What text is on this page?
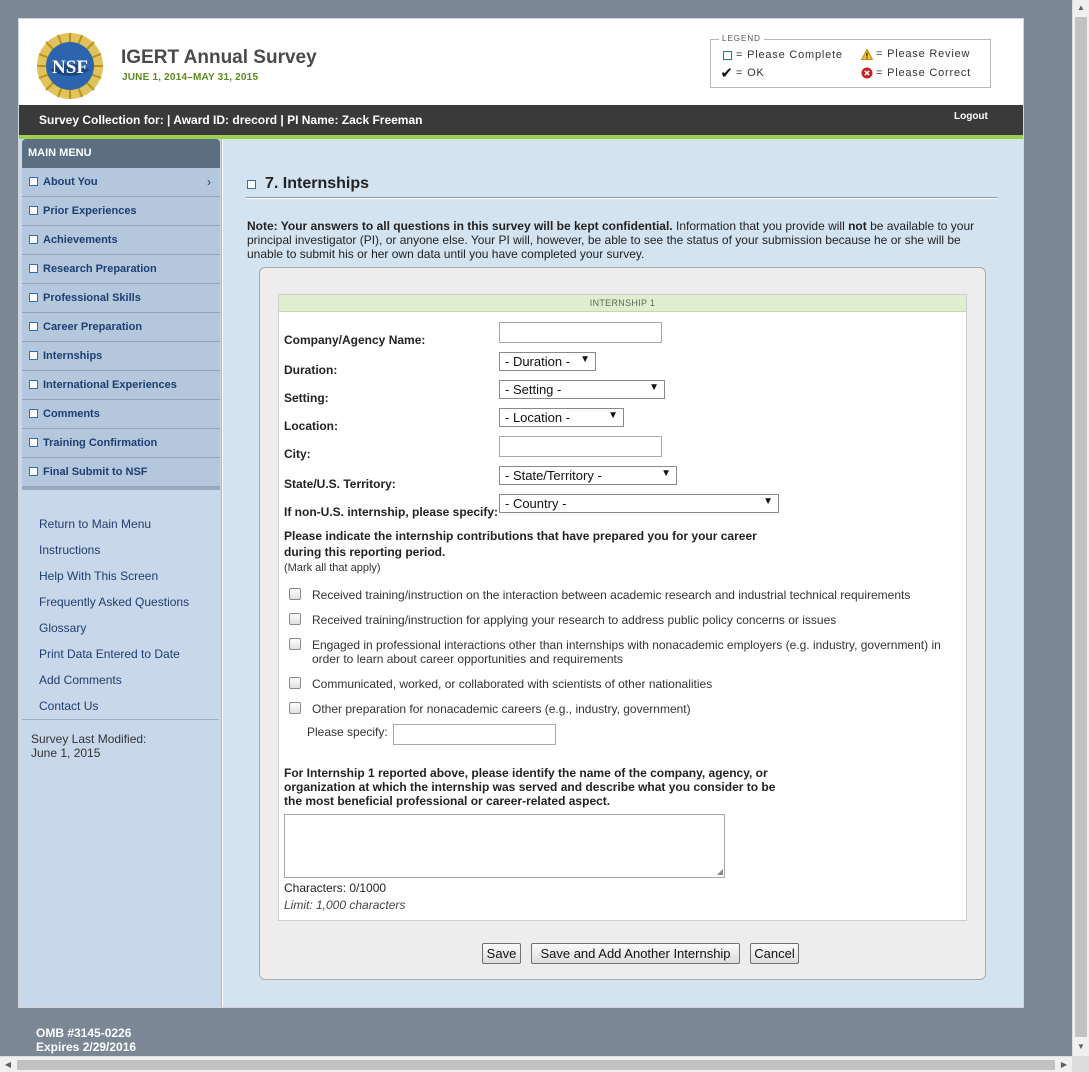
▲
▼
◀	▶
NSF IGERT Annual Survey
JUNE 1, 2014–MAY 31, 2015
LEGEND
= Please Complete
✔ = OK
= Please Review
= Please Correct
Survey Collection for: | Award ID: drecord | PI Name: Zack Freeman	Logout
MAIN MENU
About You	›
Prior Experiences
Achievements
Research Preparation
Professional Skills
Career Preparation
Internships
International Experiences
Comments
Training Confirmation
Final Submit to NSF
Return to Main Menu
Instructions
Help With This Screen
Frequently Asked Questions
Glossary
Print Data Entered to Date
Add Comments
Contact Us
Survey Last Modified:
June 1, 2015
7. Internships
Note: Your answers to all questions in this survey will be kept confidential. Information that you provide will not be available to your principal investigator (PI), or anyone else. Your PI will, however, be able to see the status of your submission because he or she will be unable to submit his or her own data until you have completed your survey.
INTERNSHIP 1
Company/Agency Name:
Duration:
- Duration - ▼
Setting:
- Setting -	▼
Location:
- Location -	▼
City:
State/U.S. Territory:
- State/Territory -	▼
If non-U.S. internship, please specify:
- Country -	▼
Please indicate the internship contributions that have prepared you for your career
during this reporting period.
(Mark all that apply)
Received training/instruction on the interaction between academic research and industrial technical requirements
Received training/instruction for applying your research to address public policy concerns or issues
Engaged in professional interactions other than internships with nonacademic employers (e.g. industry, government) in order to learn about career opportunities and requirements
Communicated, worked, or collaborated with scientists of other nationalities
Other preparation for nonacademic careers (e.g., industry, government)
Please specify:
For Internship 1 reported above, please identify the name of the company, agency, or
organization at which the internship was served and describe what you consider to be
the most beneficial professional or career-related aspect.
◢
Characters: 0/1000
Limit: 1,000 characters
Save	Save and Add Another Internship	Cancel
OMB #3145-0226
Expires 2/29/2016
